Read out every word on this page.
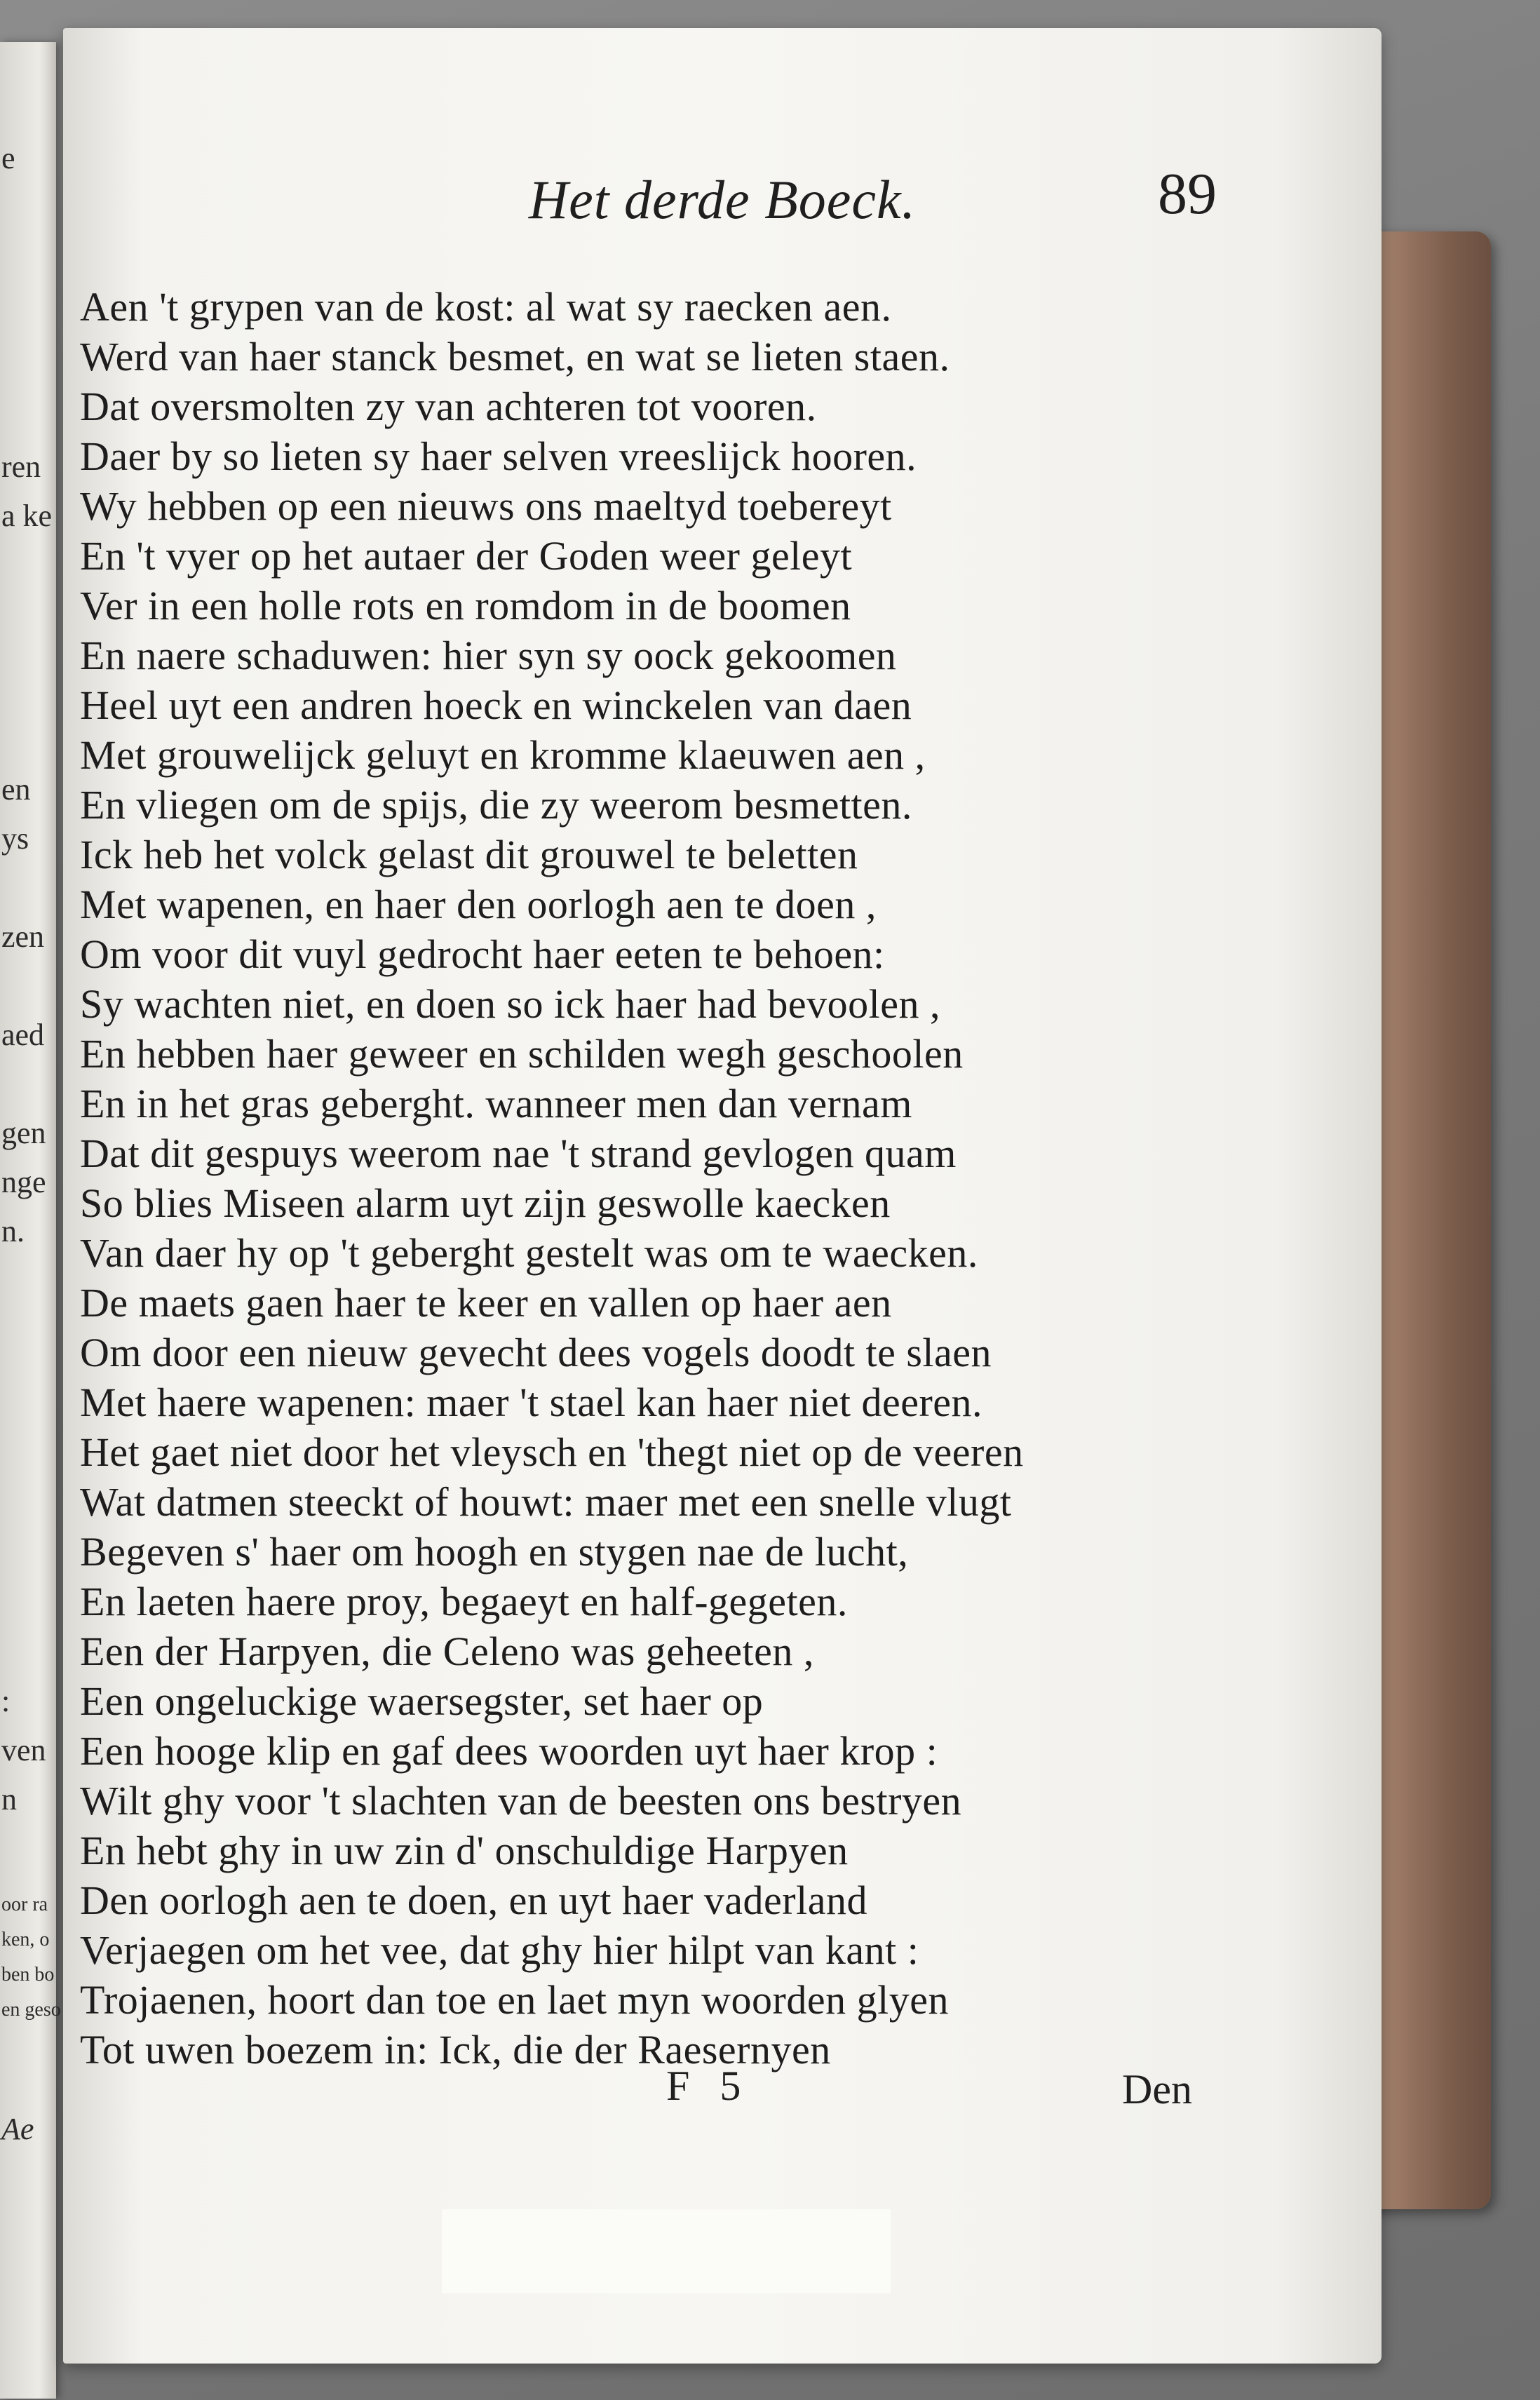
e
ren
a ke
en
ys
zen
aed
gen
nge
n.
:
ven
n
oor ra
ken, o
ben bo
en geso
Ae
Het derde Boeck.	89
Aen 't grypen van de kost: al wat sy raecken aen.
Werd van haer stanck besmet, en wat se lieten staen.
Dat oversmolten zy van achteren tot vooren.
Daer by so lieten sy haer selven vreeslijck hooren.
Wy hebben op een nieuws ons maeltyd toebereyt
En 't vyer op het autaer der Goden weer geleyt
Ver in een holle rots en romdom in de boomen
En naere schaduwen: hier syn sy oock gekoomen
Heel uyt een andren hoeck en winckelen van daen
Met grouwelijck geluyt en kromme klaeuwen aen ,
En vliegen om de spijs, die zy weerom besmetten.
Ick heb het volck gelast dit grouwel te beletten
Met wapenen, en haer den oorlogh aen te doen ,
Om voor dit vuyl gedrocht haer eeten te behoen:
Sy wachten niet, en doen so ick haer had bevoolen ,
En hebben haer geweer en schilden wegh geschoolen
En in het gras geberght. wanneer men dan vernam
Dat dit gespuys weerom nae 't strand gevlogen quam
So blies Miseen alarm uyt zijn geswolle kaecken
Van daer hy op 't geberght gestelt was om te waecken.
De maets gaen haer te keer en vallen op haer aen
Om door een nieuw gevecht dees vogels doodt te slaen
Met haere wapenen: maer 't stael kan haer niet deeren.
Het gaet niet door het vleysch en 'thegt niet op de veeren
Wat datmen steeckt of houwt: maer met een snelle vlugt
Begeven s' haer om hoogh en stygen nae de lucht,
En laeten haere proy, begaeyt en half-gegeten.
Een der Harpyen, die Celeno was geheeten ,
Een ongeluckige waersegster, set haer op
Een hooge klip en gaf dees woorden uyt haer krop :
Wilt ghy voor 't slachten van de beesten ons bestryen
En hebt ghy in uw zin d' onschuldige Harpyen
Den oorlogh aen te doen, en uyt haer vaderland
Verjaegen om het vee, dat ghy hier hilpt van kant :
Trojaenen, hoort dan toe en laet myn woorden glyen
Tot uwen boezem in: Ick, die der Raesernyen
F 5	Den
